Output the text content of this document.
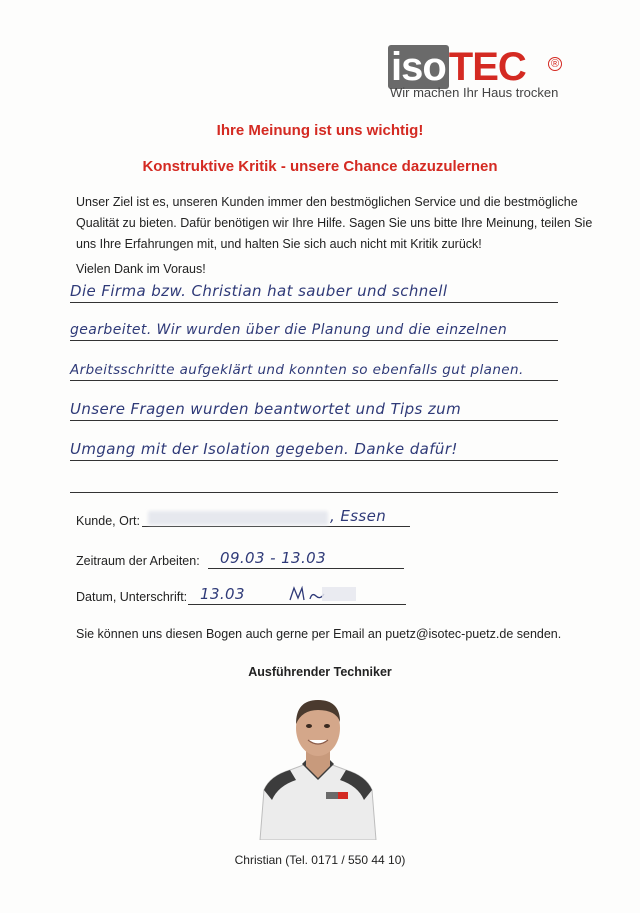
isoTEC ®
Wir machen Ihr Haus trocken
Ihre Meinung ist uns wichtig!
Konstruktive Kritik - unsere Chance dazuzulernen
Unser Ziel ist es, unseren Kunden immer den bestmöglichen Service und die bestmögliche Qualität zu bieten. Dafür benötigen wir Ihre Hilfe. Sagen Sie uns bitte Ihre Meinung, teilen Sie uns Ihre Erfahrungen mit, und halten Sie sich auch nicht mit Kritik zurück!
Vielen Dank im Voraus!
Die Firma bzw. Christian hat sauber und schnell
gearbeitet. Wir wurden über die Planung und die einzelnen
Arbeitsschritte aufgeklärt und konnten so ebenfalls gut planen.
Unsere Fragen wurden beantwortet und Tips zum
Umgang mit der Isolation gegeben. Danke dafür!
Kunde, Ort:	, Essen
Zeitraum der Arbeiten: 09.03 - 13.03
Datum, Unterschrift: 13.03
Sie können uns diesen Bogen auch gerne per Email an puetz@isotec-puetz.de senden.
Ausführender Techniker
Christian (Tel. 0171 / 550 44 10)
